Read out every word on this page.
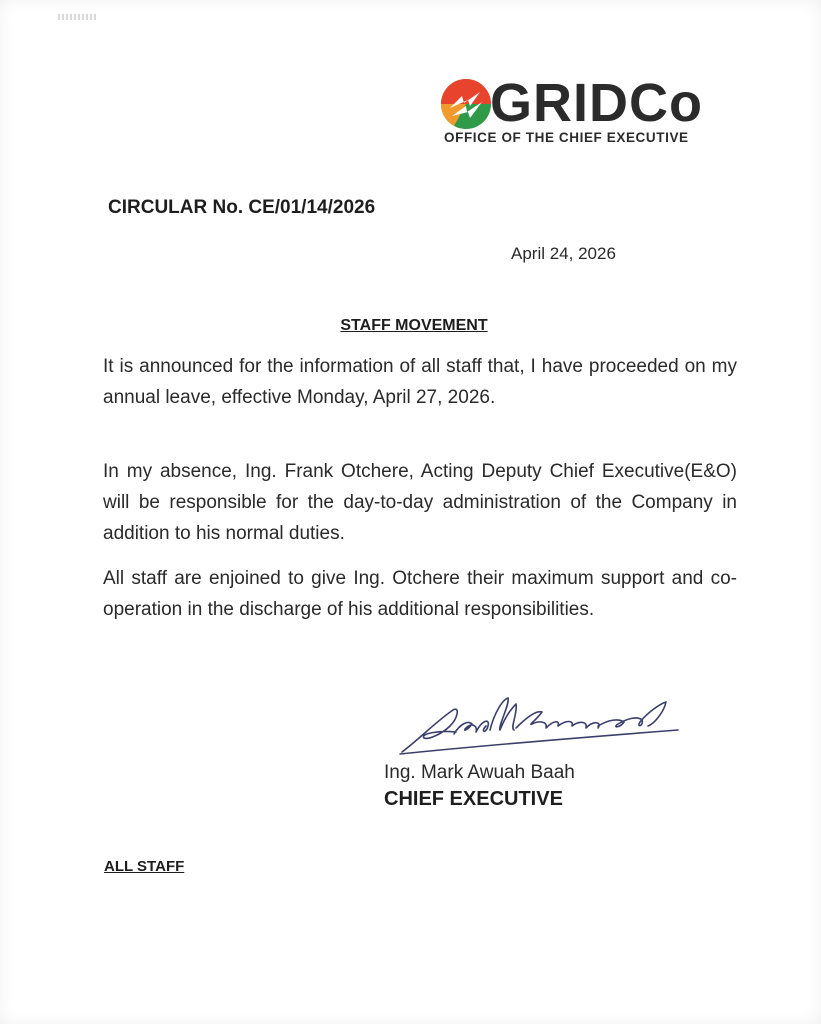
GRIDCo
OFFICE OF THE CHIEF EXECUTIVE
CIRCULAR No. CE/01/14/2026
April 24, 2026
STAFF MOVEMENT

It is announced for the information of all staff that, I have proceeded on my annual leave, effective Monday, April 27, 2026.

In my absence, Ing. Frank Otchere, Acting Deputy Chief Executive(E&O) will be responsible for the day-to-day administration of the Company in addition to his normal duties.

All staff are enjoined to give Ing. Otchere their maximum support and co-operation in the discharge of his additional responsibilities.

Ing. Mark Awuah Baah
CHIEF EXECUTIVE
ALL STAFF
